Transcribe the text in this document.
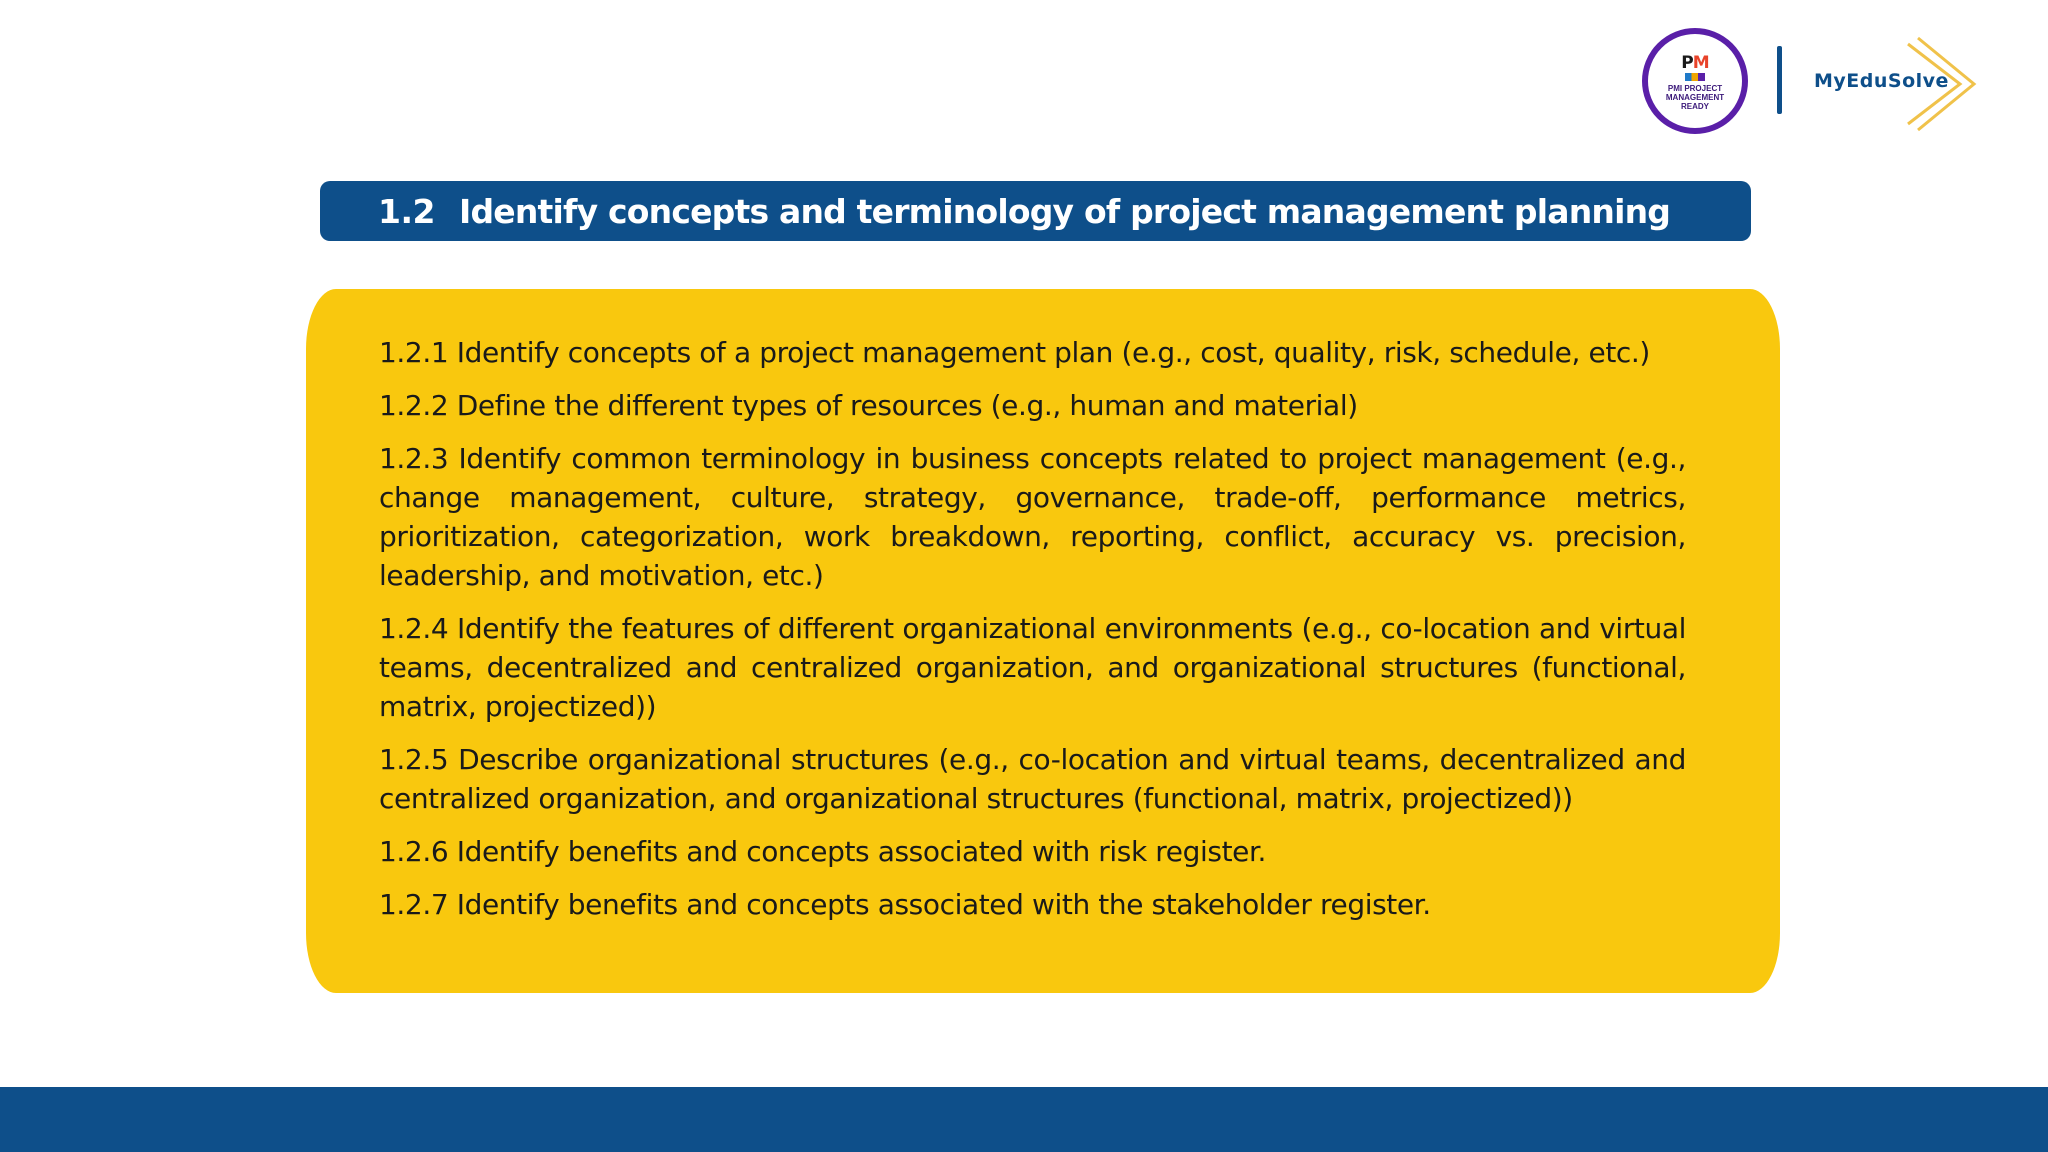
PM
PMI PROJECT
MANAGEMENT
READY
MyEduSolve
1.2 Identify concepts and terminology of project management planning

1.2.1 Identify concepts of a project management plan (e.g., cost, quality, risk, schedule, etc.)

1.2.2 Define the different types of resources (e.g., human and material)

1.2.3 Identify common terminology in business concepts related to project management (e.g., change management, culture, strategy, governance, trade-off, performance metrics, prioritization, categorization, work breakdown, reporting, conflict, accuracy vs. precision, leadership, and motivation, etc.)

1.2.4 Identify the features of different organizational environments (e.g., co-location and virtual teams, decentralized and centralized organization, and organizational structures (functional, matrix, projectized))

1.2.5 Describe organizational structures (e.g., co-location and virtual teams, decentralized and centralized organization, and organizational structures (functional, matrix, projectized))

1.2.6 Identify benefits and concepts associated with risk register.

1.2.7 Identify benefits and concepts associated with the stakeholder register.
